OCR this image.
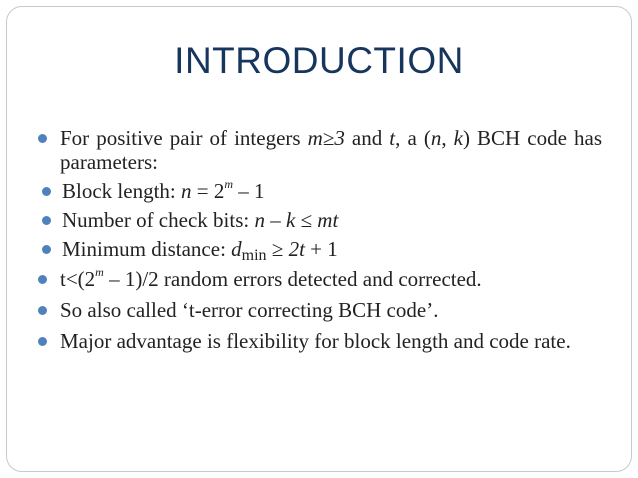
INTRODUCTION
For positive pair of integers m≥3 and t, a (n, k) BCH code has parameters:
Block length: $n = 2^m - 1$
Number of check bits: n – k ≤ mt
Minimum distance: $d_{min} \ge 2t + 1$
$t<(2^m - 1)/2$ random errors detected and corrected.
So also called ‘t-error correcting BCH code’.
Major advantage is flexibility for block length and code rate.
